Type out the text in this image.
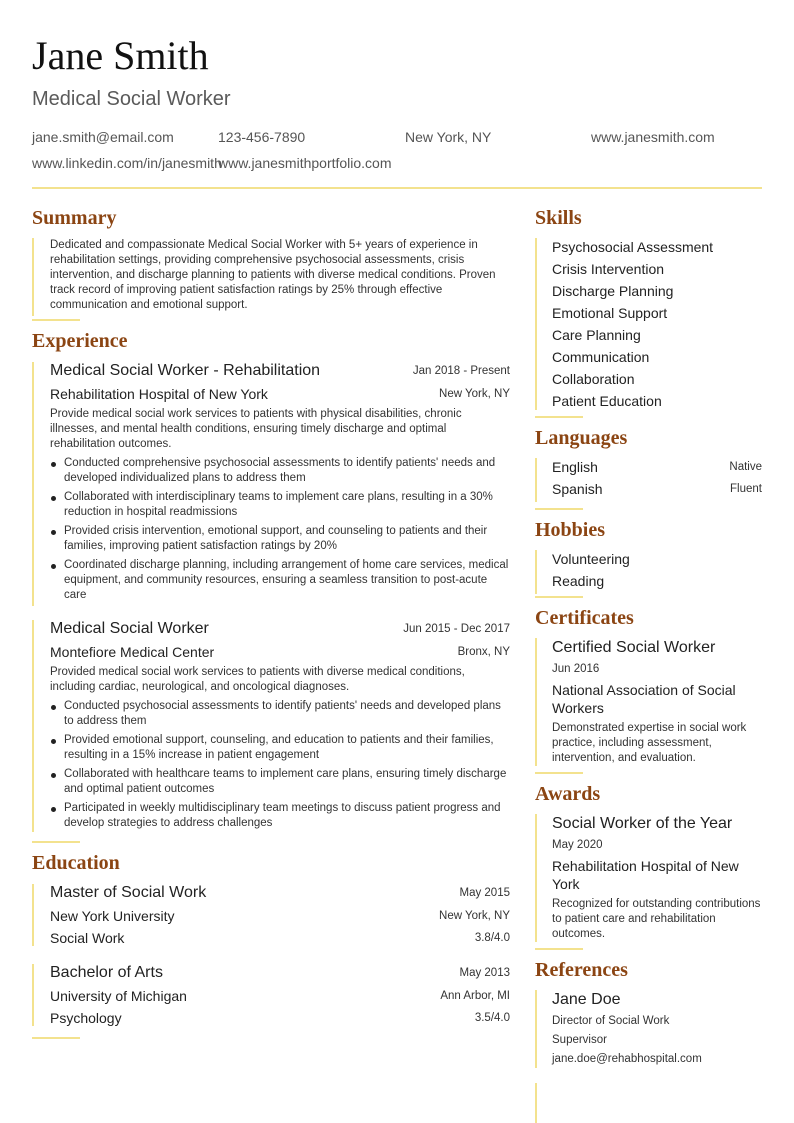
Jane Smith
Medical Social Worker
jane.smith@email.com	123-456-7890	New York, NY	www.janesmith.com
www.linkedin.com/in/janesmith
www.janesmithportfolio.com
Summary
Dedicated and compassionate Medical Social Worker with 5+ years of experience in rehabilitation settings, providing comprehensive psychosocial assessments, crisis intervention, and discharge planning to patients with diverse medical conditions. Proven track record of improving patient satisfaction ratings by 25% through effective communication and emotional support.
Experience
Medical Social Worker - Rehabilitation	Jan 2018 - Present
Rehabilitation Hospital of New York	New York, NY
Provide medical social work services to patients with physical disabilities, chronic illnesses, and mental health conditions, ensuring timely discharge and optimal rehabilitation outcomes.
Conducted comprehensive psychosocial assessments to identify patients' needs and developed individualized plans to address them
Collaborated with interdisciplinary teams to implement care plans, resulting in a 30% reduction in hospital readmissions
Provided crisis intervention, emotional support, and counseling to patients and their families, improving patient satisfaction ratings by 20%
Coordinated discharge planning, including arrangement of home care services, medical equipment, and community resources, ensuring a seamless transition to post-acute care
Medical Social Worker	Jun 2015 - Dec 2017
Montefiore Medical Center	Bronx, NY
Provided medical social work services to patients with diverse medical conditions, including cardiac, neurological, and oncological diagnoses.
Conducted psychosocial assessments to identify patients' needs and developed plans to address them
Provided emotional support, counseling, and education to patients and their families, resulting in a 15% increase in patient engagement
Collaborated with healthcare teams to implement care plans, ensuring timely discharge and optimal patient outcomes
Participated in weekly multidisciplinary team meetings to discuss patient progress and develop strategies to address challenges
Education
Master of Social Work	May 2015
New York University	New York, NY
Social Work	3.8/4.0
Bachelor of Arts	May 2013
University of Michigan	Ann Arbor, MI
Psychology	3.5/4.0
Skills
Psychosocial Assessment
Crisis Intervention
Discharge Planning
Emotional Support
Care Planning
Communication
Collaboration
Patient Education
Languages
English	Native
Spanish	Fluent
Hobbies
Volunteering
Reading
Certificates
Certified Social Worker
Jun 2016
National Association of Social Workers
Demonstrated expertise in social work practice, including assessment, intervention, and evaluation.
Awards
Social Worker of the Year
May 2020
Rehabilitation Hospital of New York
Recognized for outstanding contributions to patient care and rehabilitation outcomes.
References
Jane Doe
Director of Social Work
Supervisor
jane.doe@rehabhospital.com
